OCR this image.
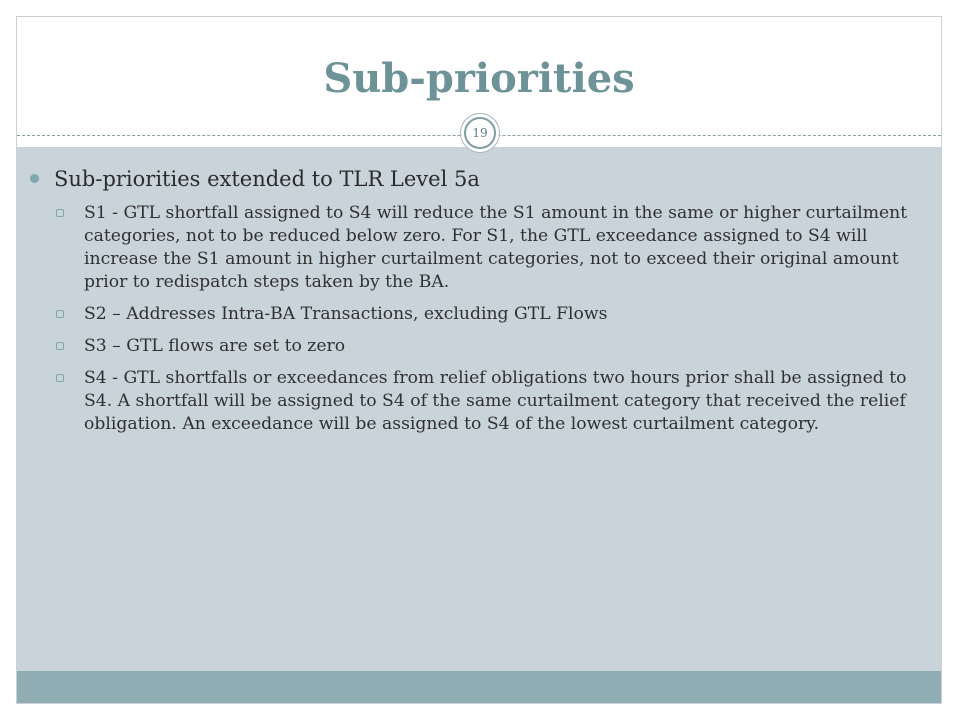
Sub-priorities
19
Sub-priorities extended to TLR Level 5a
S1 - GTL shortfall assigned to S4 will reduce the S1 amount in the same or higher curtailment categories, not to be reduced below zero. For S1, the GTL exceedance assigned to S4 will increase the S1 amount in higher curtailment categories, not to exceed their original amount prior to redispatch steps taken by the BA.
S2 – Addresses Intra-BA Transactions, excluding GTL Flows
S3 – GTL flows are set to zero
S4 - GTL shortfalls or exceedances from relief obligations two hours prior shall be assigned to S4. A shortfall will be assigned to S4 of the same curtailment category that received the relief obligation. An exceedance will be assigned to S4 of the lowest curtailment category.
